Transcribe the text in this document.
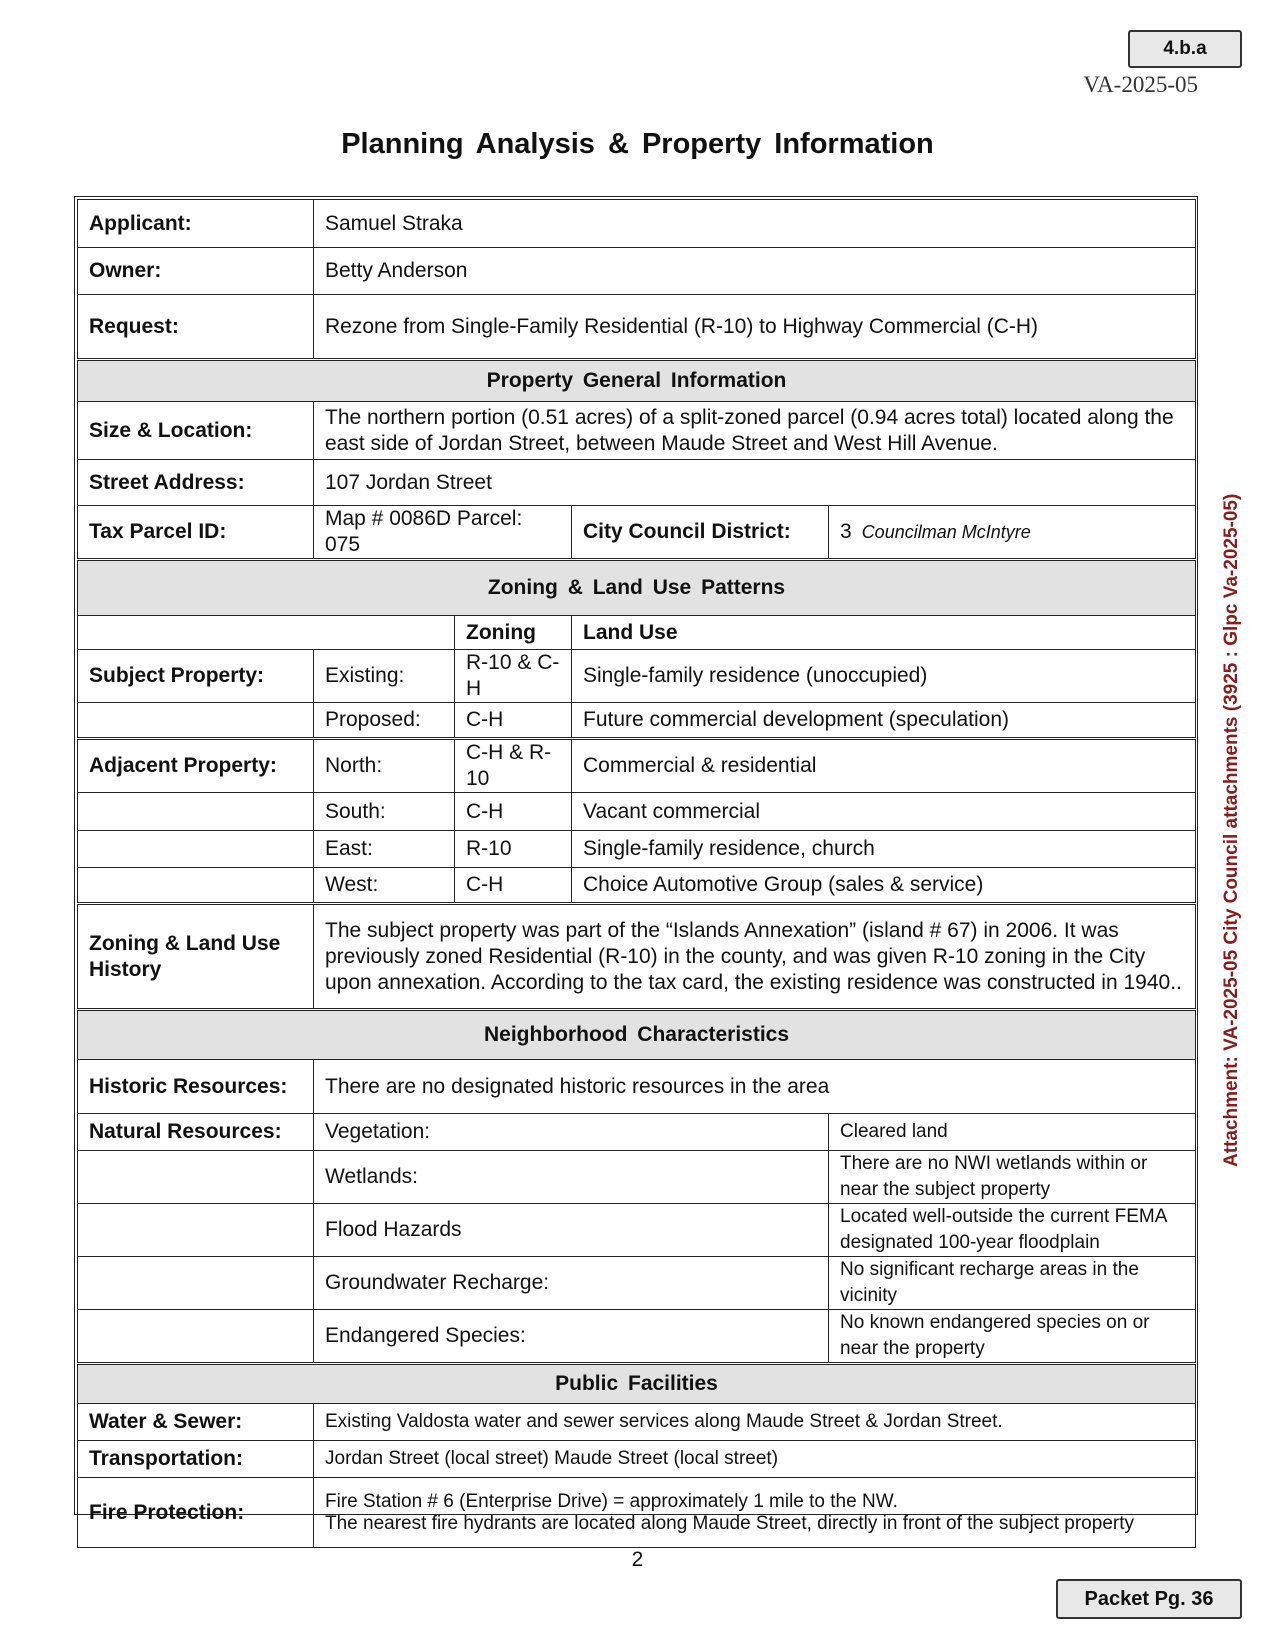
4.b.a
VA-2025-05
Planning Analysis & Property Information
Applicant:	Samuel Straka			
Owner:	Betty Anderson			
Request:	Rezone from Single-Family Residential (R-10) to Highway Commercial (C-H)			
Property General Information				
Size & Location:	The northern portion (0.51 acres) of a split-zoned parcel (0.94 acres total) located along the east side of Jordan Street, between Maude Street and West Hill Avenue.			
Street Address:	107 Jordan Street			
Tax Parcel ID:	Map # 0086D Parcel: 075		City Council District:	3 Councilman McIntyre
Zoning & Land Use Patterns				
		Zoning	Land Use	
Subject Property:	Existing:	R-10 & C-H	Single-family residence (unoccupied)	
	Proposed:	C-H	Future commercial development (speculation)	
Adjacent Property:	North:	C-H & R-10	Commercial & residential	
	South:	C-H	Vacant commercial	
	East:	R-10	Single-family residence, church	
	West:	C-H	Choice Automotive Group (sales & service)	
Zoning & Land Use History	The subject property was part of the “Islands Annexation” (island # 67) in 2006. It was previously zoned Residential (R-10) in the county, and was given R-10 zoning in the City upon annexation. According to the tax card, the existing residence was constructed in 1940..			
Neighborhood Characteristics				
Historic Resources:	There are no designated historic resources in the area			
Natural Resources:	Vegetation:			Cleared land
	Wetlands:			There are no NWI wetlands within or near the subject property
	Flood Hazards			Located well-outside the current FEMA designated 100-year floodplain
	Groundwater Recharge:			No significant recharge areas in the vicinity
	Endangered Species:			No known endangered species on or near the property
Public Facilities				
Water & Sewer:	Existing Valdosta water and sewer services along Maude Street & Jordan Street.			
Transportation:	Jordan Street (local street) Maude Street (local street)			
Fire Protection:	Fire Station # 6 (Enterprise Drive) = approximately 1 mile to the NW.
The nearest fire hydrants are located along Maude Street, directly in front of the subject property			
Attachment: VA-2025-05 City Council attachments (3925 : Glpc Va-2025-05)
2
Packet Pg. 36
